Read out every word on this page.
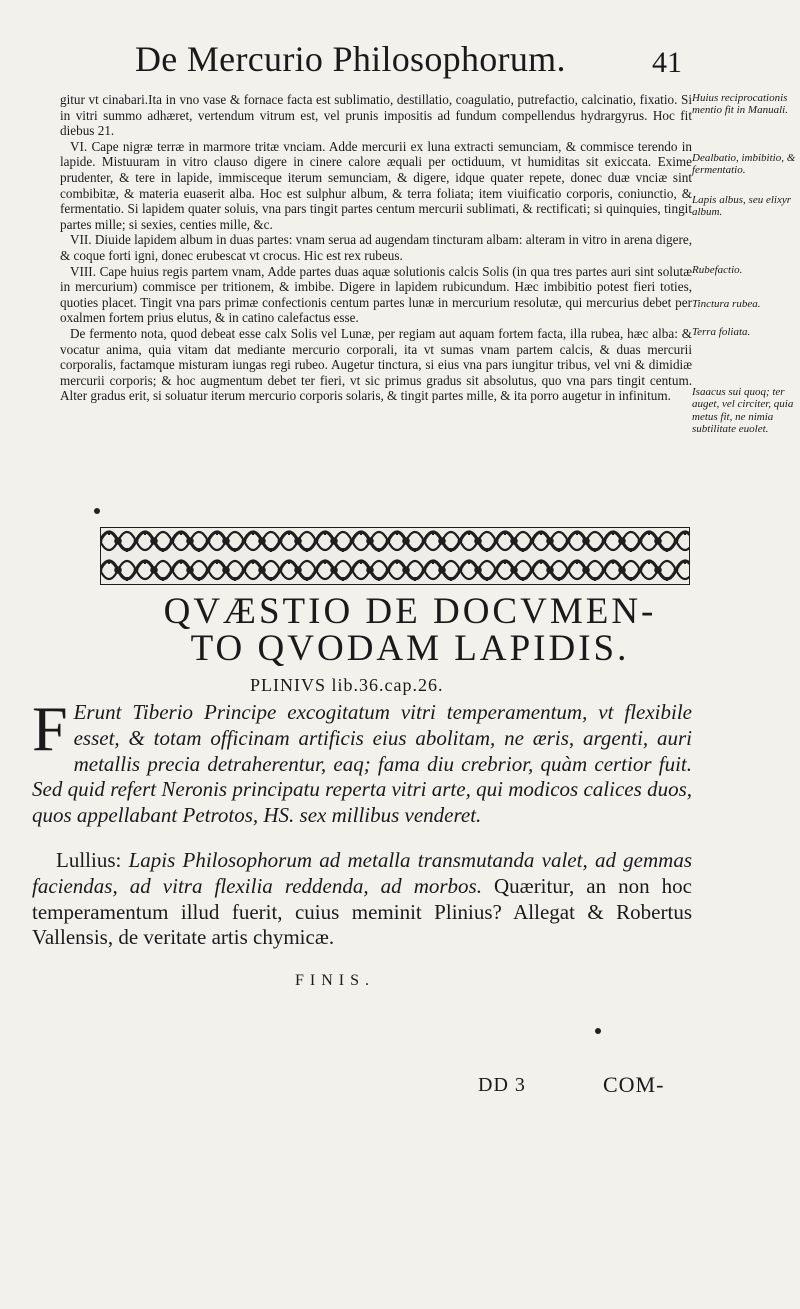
De Mercurio Philosophorum.	41

gitur vt cinabari.Ita in vno vase & fornace facta est sublimatio, destillatio, coagulatio, putrefactio, calcinatio, fixatio. Si in vitri summo adhæret, vertendum vitrum est, vel prunis impositis ad fundum compellendus hydrargyrus. Hoc fit diebus 21.

VI. Cape nigræ terræ in marmore tritæ vnciam. Adde mercurii ex luna extracti semunciam, & commisce terendo in lapide. Mistuuram in vitro clauso digere in cinere calore æquali per octiduum, vt humiditas sit exiccata. Exime prudenter, & tere in lapide, immisceque iterum semunciam, & digere, idque quater repete, donec duæ vnciæ sint combibitæ, & materia euaserit alba. Hoc est sulphur album, & terra foliata; item viuificatio corporis, coniunctio, & fermentatio. Si lapidem quater soluis, vna pars tingit partes centum mercurii sublimati, & rectificati; si quinquies, tingit partes mille; si sexies, centies mille, &c.

VII. Diuide lapidem album in duas partes: vnam serua ad augendam tincturam albam: alteram in vitro in arena digere, & coque forti igni, donec erubescat vt crocus. Hic est rex rubeus.

VIII. Cape huius regis partem vnam, Adde partes duas aquæ solutionis calcis Solis (in qua tres partes auri sint solutæ in mercurium) commisce per tritionem, & imbibe. Digere in lapidem rubicundum. Hæc imbibitio potest fieri toties, quoties placet. Tingit vna pars primæ confectionis centum partes lunæ in mercurium resolutæ, qui mercurius debet per oxalmen fortem prius elutus, & in catino calefactus esse.

De fermento nota, quod debeat esse calx Solis vel Lunæ, per regiam aut aquam fortem facta, illa rubea, hæc alba: & vocatur anima, quia vitam dat mediante mercurio corporali, ita vt sumas vnam partem calcis, & duas mercurii corporalis, factamque misturam iungas regi rubeo. Augetur tinctura, si eius vna pars iungitur tribus, vel vni & dimidiæ mercurii corporis; & hoc augmentum debet ter fieri, vt sic primus gradus sit absolutus, quo vna pars tingit centum. Alter gradus erit, si soluatur iterum mercurio corporis solaris, & tingit partes mille, & ita porro augetur in infinitum.

Huius reciprocationis mentio fit in Manuali.
Dealbatio, imbibitio, & fermentatio.
Lapis albus, seu elixyr album.
Rubefactio.
Tinctura rubea.
Terra foliata.
Isaacus sui quoq; ter auget, vel circiter, quia metus fit, ne nimia subtilitate euolet.
QVÆSTIO DE DOCVMEN-
TO QVODAM LAPIDIS.
PLINIVS lib.36.cap.26.
F Erunt Tiberio Principe excogitatum vitri temperamentum, vt flexibile esset, & totam officinam artificis eius abolitam, ne æris, argenti, auri metallis precia detraherentur, eaq; fama diu crebrior, quàm certior fuit. Sed quid refert Neronis principatu reperta vitri arte, qui modicos calices duos, quos appellabant Petrotos, HS. sex millibus venderet.
Lullius: Lapis Philosophorum ad metalla transmutanda valet, ad gemmas faciendas, ad vitra flexilia reddenda, ad morbos. Quæritur, an non hoc temperamentum illud fuerit, cuius meminit Plinius? Allegat & Robertus Vallensis, de veritate artis chymicæ.
FINIS.
DD 3	COM-
